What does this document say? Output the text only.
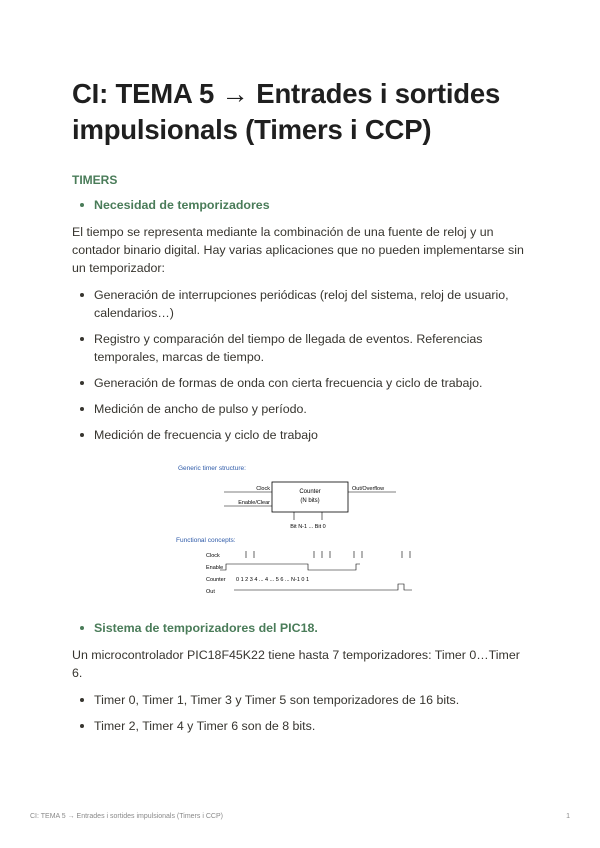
CI: TEMA 5 → Entrades i sortides impulsionals (Timers i CCP)
TIMERS
Necesidad de temporizadores

El tiempo se representa mediante la combinación de una fuente de reloj y un contador binario digital. Hay varias aplicaciones que no pueden implementarse sin un temporizador:

Generación de interrupciones periódicas (reloj del sistema, reloj de usuario, calendarios…)
Registro y comparación del tiempo de llegada de eventos. Referencias temporales, marcas de tiempo.
Generación de formas de onda con cierta frecuencia y ciclo de trabajo.
Medición de ancho de pulso y período.
Medición de frecuencia y ciclo de trabajo
Generic timer structure:
Counter
(N bits)
Clock
Enable/Clear
Out/Overflow
Bit N-1 ... Bit 0
Functional concepts:
Clock
Enable
Counter 0 1 2 3 4 ... 4 ... 5 6 ... N-1 0 1
Out
Sistema de temporizadores del PIC18.

Un microcontrolador PIC18F45K22 tiene hasta 7 temporizadores: Timer 0…Timer 6.

Timer 0, Timer 1, Timer 3 y Timer 5 son temporizadores de 16 bits.
Timer 2, Timer 4 y Timer 6 son de 8 bits.
CI: TEMA 5 → Entrades i sortides impulsionals (Timers i CCP)	1
